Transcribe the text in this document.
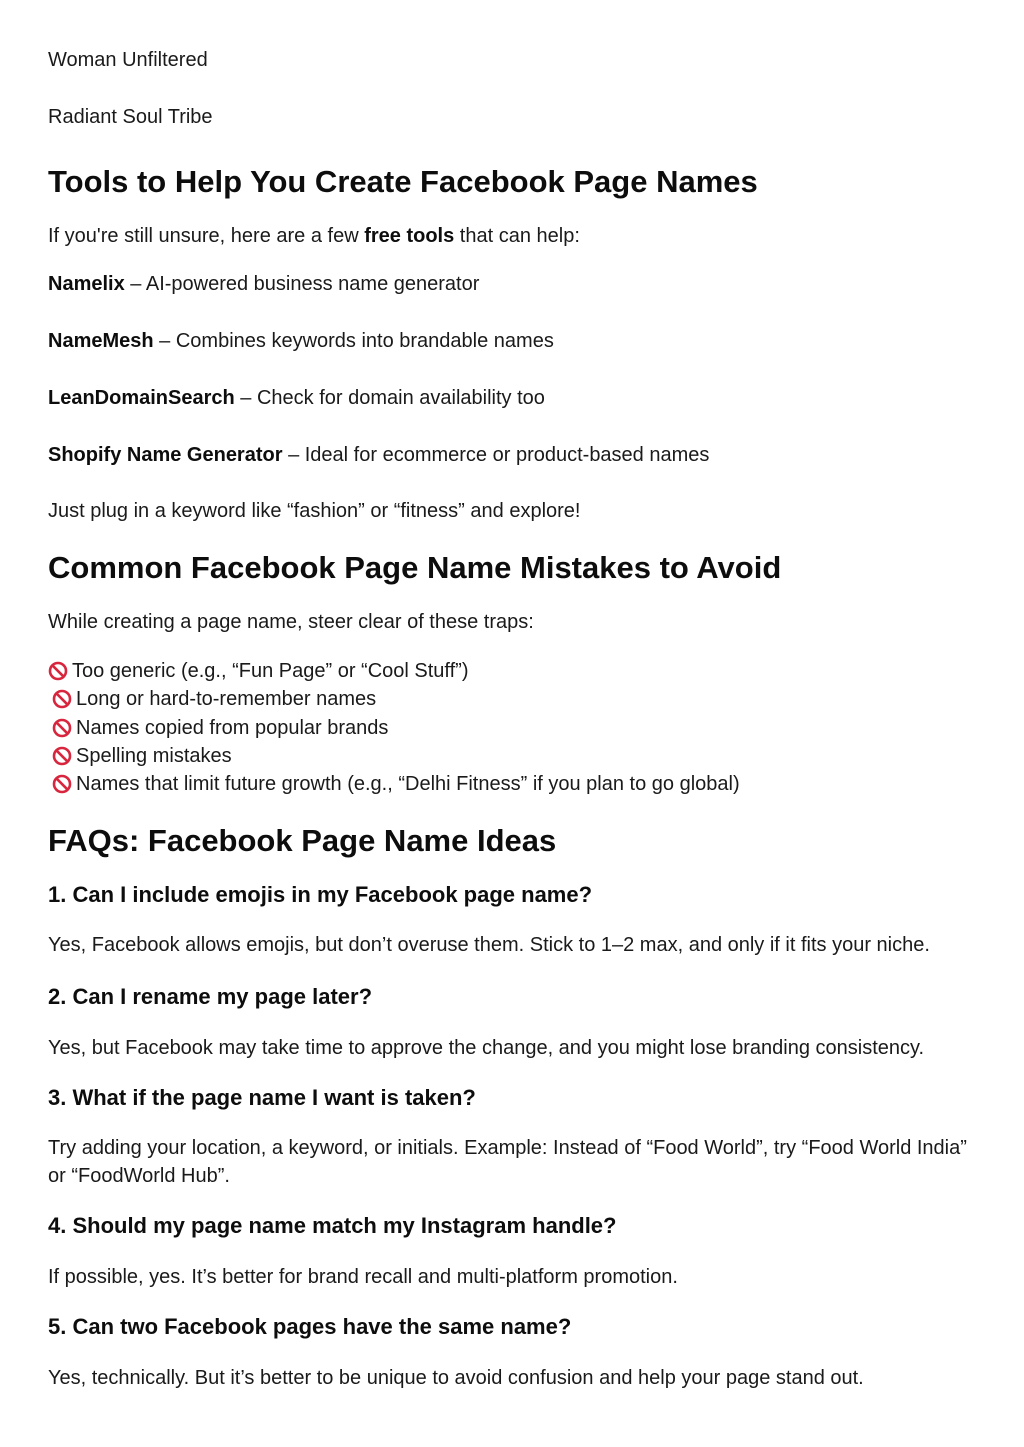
Woman Unfiltered
Radiant Soul Tribe
Tools to Help You Create Facebook Page Names
If you're still unsure, here are a few free tools that can help:
Namelix – AI-powered business name generator
NameMesh – Combines keywords into brandable names
LeanDomainSearch – Check for domain availability too
Shopify Name Generator – Ideal for ecommerce or product-based names
Just plug in a keyword like “fashion” or “fitness” and explore!
Common Facebook Page Name Mistakes to Avoid
While creating a page name, steer clear of these traps:
Too generic (e.g., “Fun Page” or “Cool Stuff”)
Long or hard-to-remember names
Names copied from popular brands
Spelling mistakes
Names that limit future growth (e.g., “Delhi Fitness” if you plan to go global)
FAQs: Facebook Page Name Ideas
1. Can I include emojis in my Facebook page name?
Yes, Facebook allows emojis, but don’t overuse them. Stick to 1–2 max, and only if it fits your niche.
2. Can I rename my page later?
Yes, but Facebook may take time to approve the change, and you might lose branding consistency.
3. What if the page name I want is taken?
Try adding your location, a keyword, or initials. Example: Instead of “Food World”, try “Food World India” or “FoodWorld Hub”.
4. Should my page name match my Instagram handle?
If possible, yes. It’s better for brand recall and multi-platform promotion.
5. Can two Facebook pages have the same name?
Yes, technically. But it’s better to be unique to avoid confusion and help your page stand out.
